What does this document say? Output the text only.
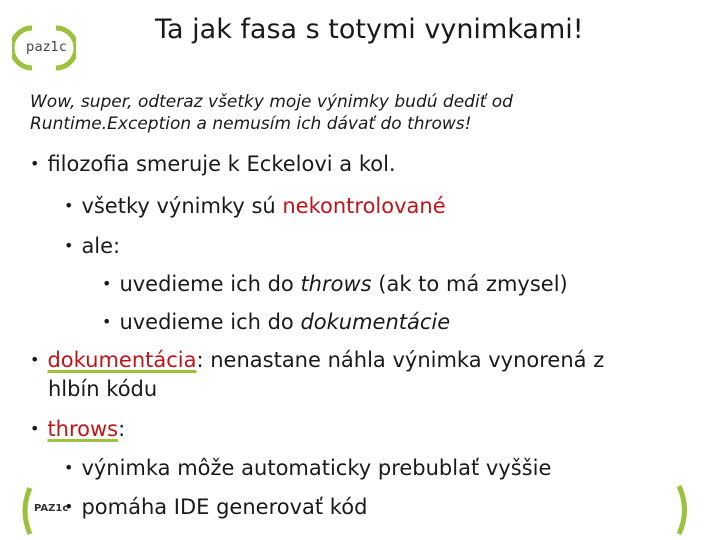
paz1c
Ta jak fasa s totymi vynimkami!
Wow, super, odteraz všetky moje výnimky budú dediť od
Runtime.Exception a nemusím ich dávať do throws!
• filozofia smeruje k Eckelovi a kol.
• všetky výnimky sú nekontrolované
• ale:
• uvedieme ich do throws (ak to má zmysel)
• uvedieme ich do dokumentácie
• dokumentácia: nenastane náhla výnimka vynorená z
hlbín kódu
• throws:
• výnimka môže automaticky prebublať vyššie
• pomáha IDE generovať kód
PAZ1c
